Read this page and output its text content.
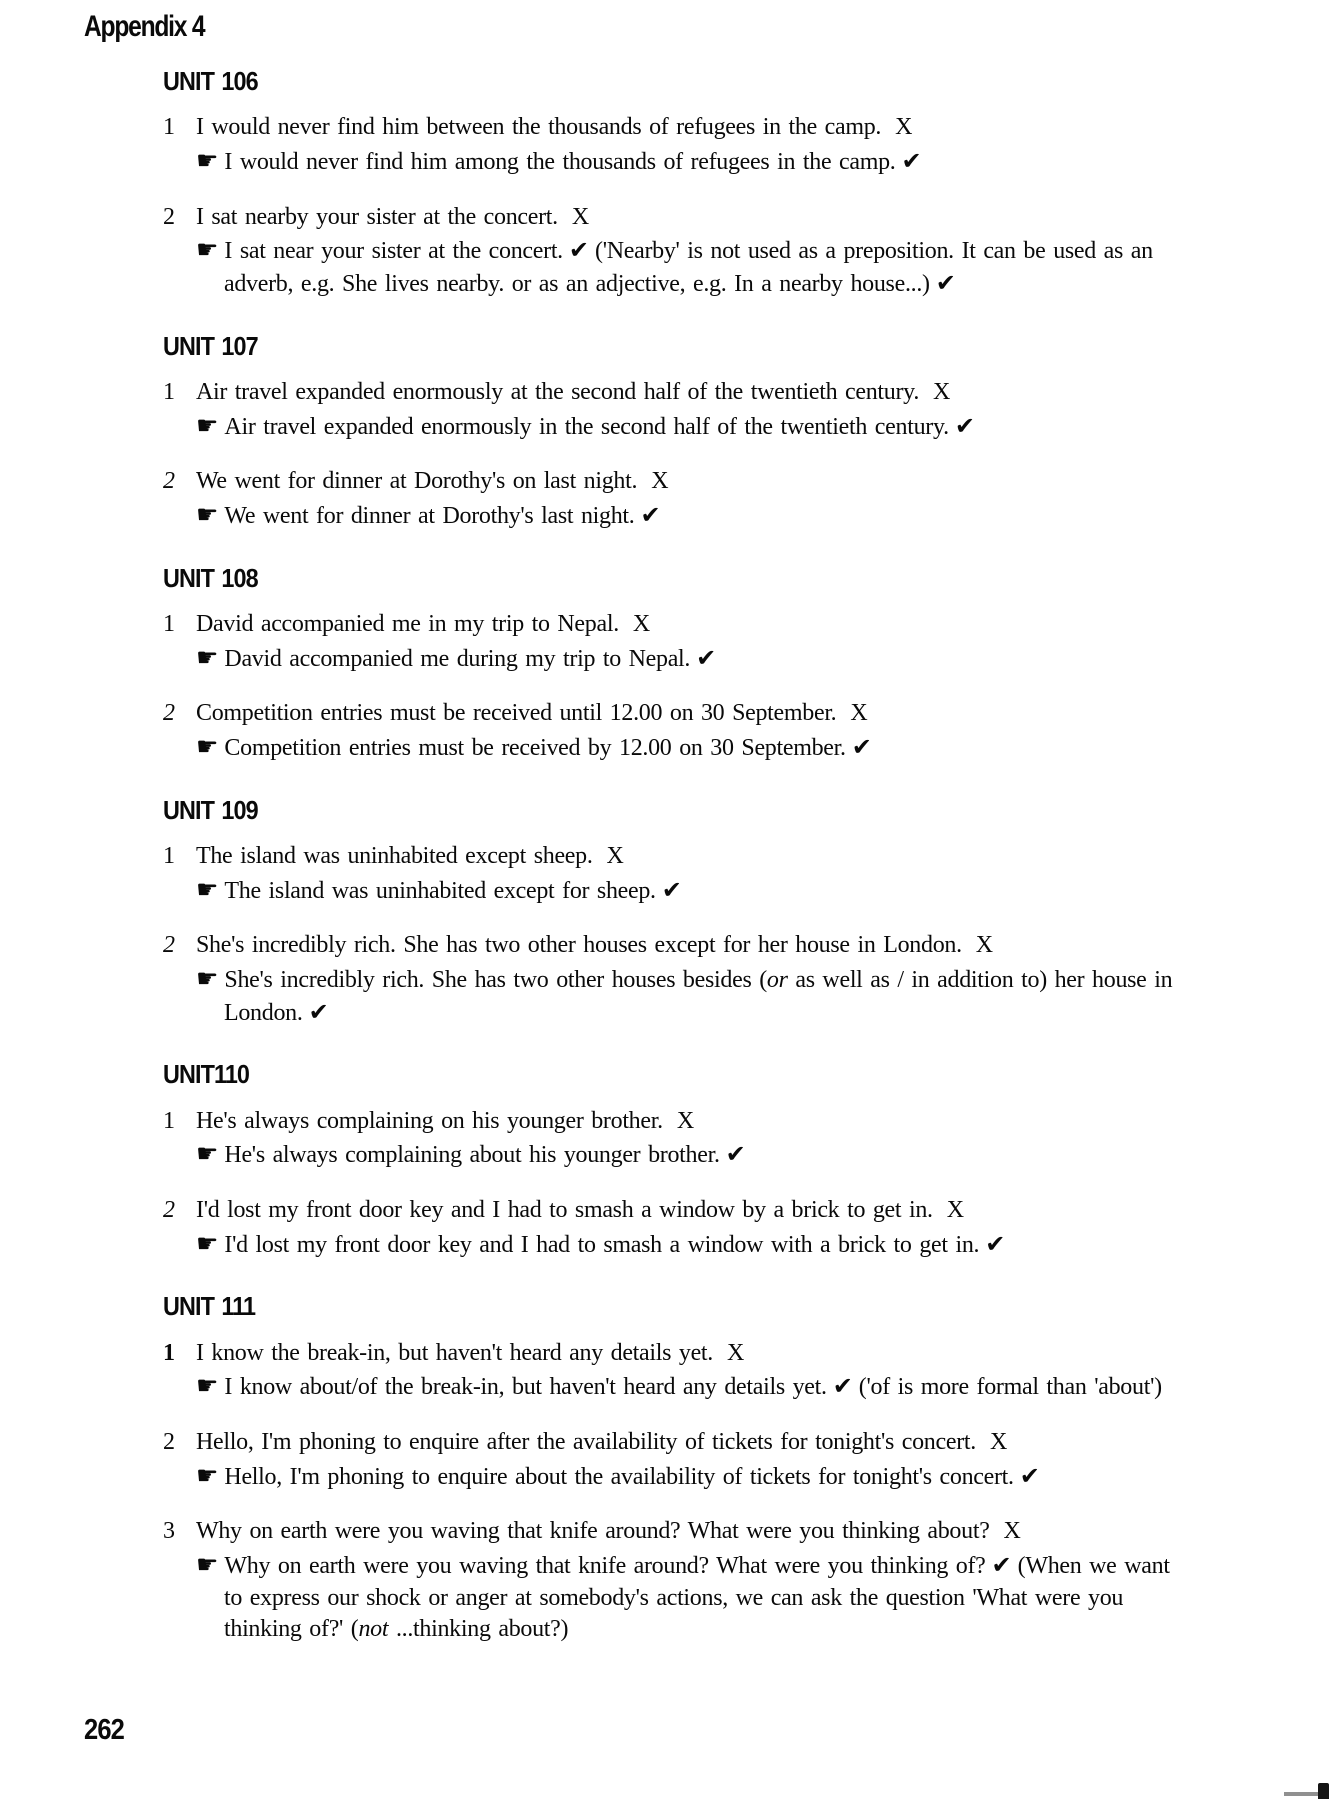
Appendix 4
UNIT 106
1 I would never find him between the thousands of refugees in the camp. X

☛ I would never find him among the thousands of refugees in the camp. ✔

2 I sat nearby your sister at the concert. X

☛ I sat near your sister at the concert. ✔ ('Nearby' is not used as a preposition. It can be used as an adverb, e.g. She lives nearby. or as an adjective, e.g. In a nearby house...) ✔

UNIT 107
1 Air travel expanded enormously at the second half of the twentieth century. X

☛ Air travel expanded enormously in the second half of the twentieth century. ✔

2 We went for dinner at Dorothy's on last night. X

☛ We went for dinner at Dorothy's last night. ✔

UNIT 108
1 David accompanied me in my trip to Nepal. X

☛ David accompanied me during my trip to Nepal. ✔

2 Competition entries must be received until 12.00 on 30 September. X

☛ Competition entries must be received by 12.00 on 30 September. ✔

UNIT 109
1 The island was uninhabited except sheep. X

☛ The island was uninhabited except for sheep. ✔

2 She's incredibly rich. She has two other houses except for her house in London. X

☛ She's incredibly rich. She has two other houses besides (or as well as / in addition to) her house in London. ✔

UNIT110
1 He's always complaining on his younger brother. X

☛ He's always complaining about his younger brother. ✔

2 I'd lost my front door key and I had to smash a window by a brick to get in. X

☛ I'd lost my front door key and I had to smash a window with a brick to get in. ✔

UNIT 111
1 I know the break-in, but haven't heard any details yet. X

☛ I know about/of the break-in, but haven't heard any details yet. ✔ ('of is more formal than 'about')

2 Hello, I'm phoning to enquire after the availability of tickets for tonight's concert. X

☛ Hello, I'm phoning to enquire about the availability of tickets for tonight's concert. ✔

3 Why on earth were you waving that knife around? What were you thinking about? X

☛ Why on earth were you waving that knife around? What were you thinking of? ✔ (When we want to express our shock or anger at somebody's actions, we can ask the question 'What were you thinking of?' (not ...thinking about?)

262
